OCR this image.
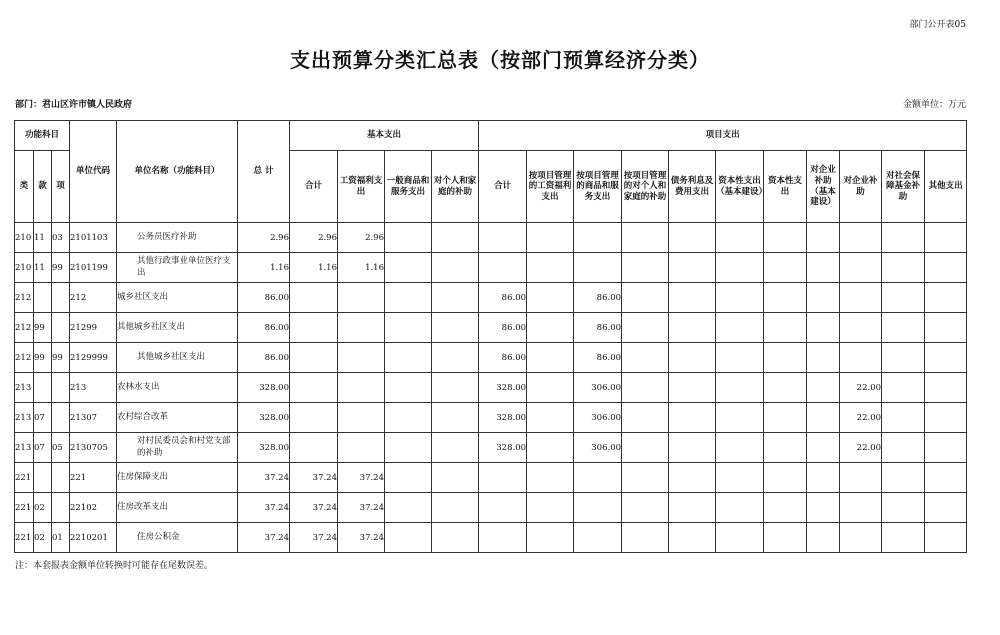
部门公开表05
支出预算分类汇总表（按部门预算经济分类）
部门：君山区许市镇人民政府	金额单位：万元
功能科目			单位代码	单位名称（功能科目）	总 计	基本支出				项目支出										
类	款	项				合计	工资福利支出	一般商品和服务支出	对个人和家庭的补助	合计	按项目管理的工资福利支出	按项目管理的商品和服务支出	按项目管理的对个人和家庭的补助	债务利息及费用支出	资本性支出（基本建设）	资本性支出	对企业补助（基本建设）	对企业补助	对社会保障基金补助	其他支出
210	11	03	2101103	公务员医疗补助	2.96	2.96	2.96													
210	11	99	2101199	其他行政事业单位医疗支出	1.16	1.16	1.16													
212			212	城乡社区支出	86.00					86.00		86.00								
212	99		21299	其他城乡社区支出	86.00					86.00		86.00								
212	99	99	2129999	其他城乡社区支出	86.00					86.00		86.00								
213			213	农林水支出	328.00					328.00		306.00						22.00		
213	07		21307	农村综合改革	328.00					328.00		306.00						22.00		
213	07	05	2130705	对村民委员会和村党支部的补助	328.00					328.00		306.00						22.00		
221			221	住房保障支出	37.24	37.24	37.24													
221	02		22102	住房改革支出	37.24	37.24	37.24													
221	02	01	2210201	住房公积金	37.24	37.24	37.24													
注：本套报表金额单位转换时可能存在尾数误差。
